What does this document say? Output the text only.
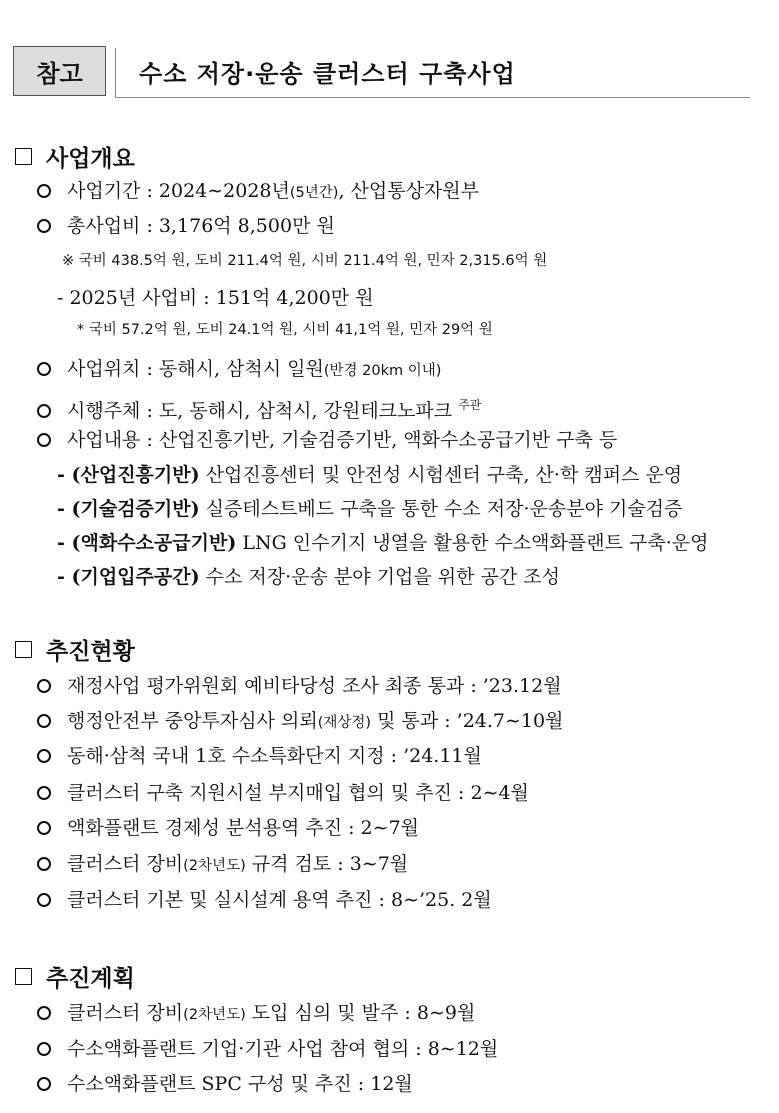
참고	수소 저장·운송 클러스터 구축사업
사업개요
사업기간 : 2024∼2028년(5년간), 산업통상자원부
총사업비 : 3,176억 8,500만 원
※ 국비 438.5억 원, 도비 211.4억 원, 시비 211.4억 원, 민자 2,315.6억 원
- 2025년 사업비 : 151억 4,200만 원
* 국비 57.2억 원, 도비 24.1억 원, 시비 41,1억 원, 민자 29억 원
사업위치 : 동해시, 삼척시 일원(반경 20km 이내)
시행주체 : 도, 동해시, 삼척시, 강원테크노파크 $^{주관}$
사업내용 : 산업진흥기반, 기술검증기반, 액화수소공급기반 구축 등
- (산업진흥기반) 산업진흥센터 및 안전성 시험센터 구축, 산·학 캠퍼스 운영
- (기술검증기반) 실증테스트베드 구축을 통한 수소 저장·운송분야 기술검증
- (액화수소공급기반) LNG 인수기지 냉열을 활용한 수소액화플랜트 구축·운영
- (기업입주공간) 수소 저장·운송 분야 기업을 위한 공간 조성
추진현황
재정사업 평가위원회 예비타당성 조사 최종 통과 : ’23.12월
행정안전부 중앙투자심사 의뢰(재상정) 및 통과 : ’24.7∼10월
동해·삼척 국내 1호 수소특화단지 지정 : ’24.11월
클러스터 구축 지원시설 부지매입 협의 및 추진 : 2∼4월
액화플랜트 경제성 분석용역 추진 : 2∼7월
클러스터 장비(2차년도) 규격 검토 : 3∼7월
클러스터 기본 및 실시설계 용역 추진 : 8∼’25. 2월
추진계획
클러스터 장비(2차년도) 도입 심의 및 발주 : 8∼9월
수소액화플랜트 기업·기관 사업 참여 협의 : 8∼12월
수소액화플랜트 SPC 구성 및 추진 : 12월
